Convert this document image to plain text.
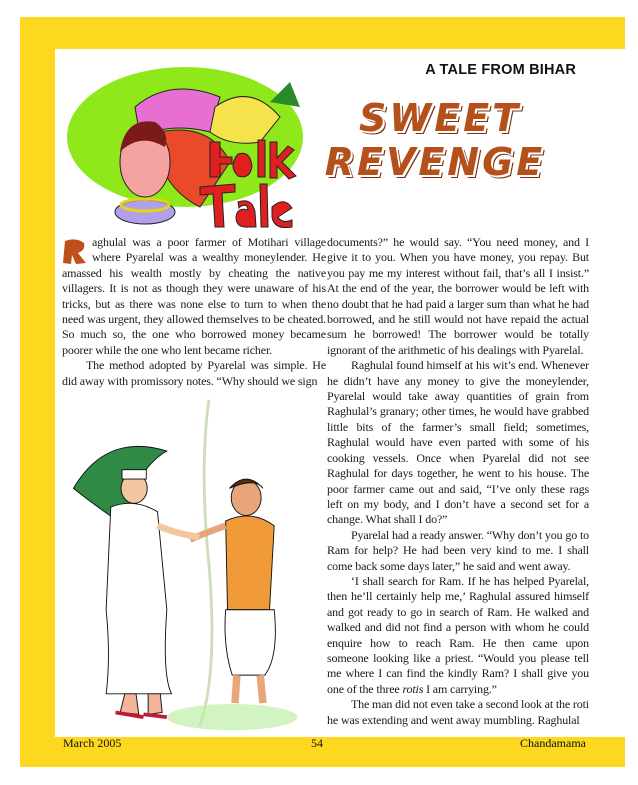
A TALE FROM BIHAR
SWEET
REVENGE

aghulal was a poor farmer of Motihari village where Pyarelal was a wealthy moneylender. He amassed his wealth mostly by cheating the native villagers. It is not as though they were unaware of his tricks, but as there was none else to turn to when the need was urgent, they allowed themselves to be cheated. So much so, the one who borrowed money became poorer while the one who lent became richer.

The method adopted by Pyarelal was simple. He did away with promissory notes. “Why should we sign

documents?” he would say. “You need money, and I give it to you. When you have money, you repay. But you pay me my interest without fail, that’s all I insist.” At the end of the year, the borrower would be left with no doubt that he had paid a larger sum than what he had borrowed, and he still would not have repaid the actual sum he borrowed! The borrower would be totally ignorant of the arithmetic of his dealings with Pyarelal.

Raghulal found himself at his wit’s end. Whenever he didn’t have any money to give the moneylender, Pyarelal would take away quantities of grain from Raghulal’s granary; other times, he would have grabbed little bits of the farmer’s small field; sometimes, Raghulal would have even parted with some of his cooking vessels. Once when Pyarelal did not see Raghulal for days together, he went to his house. The poor farmer came out and said, “I’ve only these rags left on my body, and I don’t have a second set for a change. What shall I do?”

Pyarelal had a ready answer. “Why don’t you go to Ram for help? He had been very kind to me. I shall come back some days later,” he said and went away.

‘I shall search for Ram. If he has helped Pyarelal, then he’ll certainly help me,’ Raghulal assured himself and got ready to go in search of Ram. He walked and walked and did not find a person with whom he could enquire how to reach Ram. He then came upon someone looking like a priest. “Would you please tell me where I can find the kindly Ram? I shall give you one of the three rotis I am carrying.”

The man did not even take a second look at the roti he was extending and went away mumbling. Raghulal

March 2005	54	Chandamama
